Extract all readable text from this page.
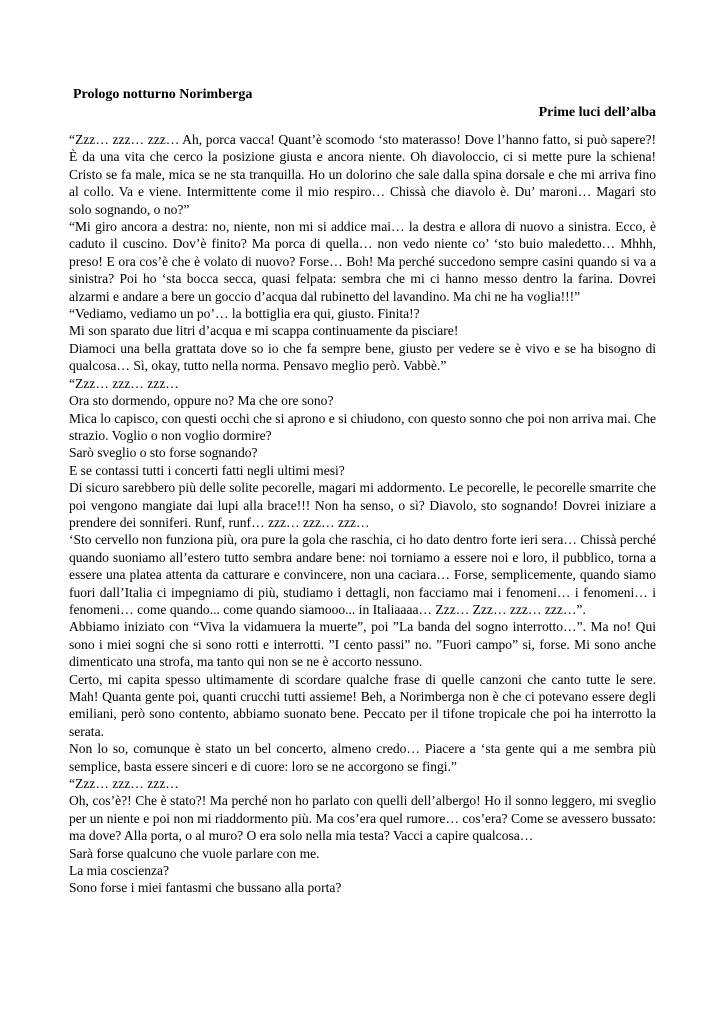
Prologo notturno Norimberga
Prime luci dell’alba

“Zzz… zzz… zzz… Ah, porca vacca! Quant’è scomodo ‘sto materasso! Dove l’hanno fatto, si può sapere?! È da una vita che cerco la posizione giusta e ancora niente. Oh diavoloccio, ci si mette pure la schiena! Cristo se fa male, mica se ne sta tranquilla. Ho un dolorino che sale dalla spina dorsale e che mi arriva fino al collo. Va e viene. Intermittente come il mio respiro… Chissà che diavolo è. Du’ maroni… Magari sto solo sognando, o no?”

“Mi giro ancora a destra: no, niente, non mi si addice mai… la destra e allora di nuovo a sinistra. Ecco, è caduto il cuscino. Dov’è finito? Ma porca di quella… non vedo niente co’ ‘sto buio maledetto… Mhhh, preso! E ora cos’è che è volato di nuovo? Forse… Boh! Ma perché succedono sempre casini quando si va a sinistra? Poi ho ‘sta bocca secca, quasi felpata: sembra che mi ci hanno messo dentro la farina. Dovrei alzarmi e andare a bere un goccio d’acqua dal rubinetto del lavandino. Ma chi ne ha voglia!!!”

“Vediamo, vediamo un po’… la bottiglia era qui, giusto. Finita!?

Mi son sparato due litri d’acqua e mi scappa continuamente da pisciare!

Diamoci una bella grattata dove so io che fa sempre bene, giusto per vedere se è vivo e se ha bisogno di qualcosa… Sì, okay, tutto nella norma. Pensavo meglio però. Vabbè.”

“Zzz… zzz… zzz…

Ora sto dormendo, oppure no? Ma che ore sono?

Mica lo capisco, con questi occhi che si aprono e si chiudono, con questo sonno che poi non arriva mai. Che strazio. Voglio o non voglio dormire?

Sarò sveglio o sto forse sognando?

E se contassi tutti i concerti fatti negli ultimi mesi?

Di sicuro sarebbero più delle solite pecorelle, magari mi addormento. Le pecorelle, le pecorelle smarrite che poi vengono mangiate dai lupi alla brace!!! Non ha senso, o sì? Diavolo, sto sognando! Dovrei iniziare a prendere dei sonniferi. Runf, runf… zzz… zzz… zzz…

‘Sto cervello non funziona più, ora pure la gola che raschia, ci ho dato dentro forte ieri sera… Chissà perché quando suoniamo all’estero tutto sembra andare bene: noi torniamo a essere noi e loro, il pubblico, torna a essere una platea attenta da catturare e convincere, non una caciara… Forse, semplicemente, quando siamo fuori dall’Italia ci impegniamo di più, studiamo i dettagli, non facciamo mai i fenomeni… i fenomeni… i fenomeni… come quando... come quando siamooo... in Italiaaaa… Zzz… Zzz… zzz… zzz…”.

Abbiamo iniziato con “Viva la vidamuera la muerte”, poi ”La banda del sogno interrotto…”. Ma no! Qui sono i miei sogni che si sono rotti e interrotti. ”I cento passi” no. ”Fuori campo” si, forse. Mi sono anche dimenticato una strofa, ma tanto qui non se ne è accorto nessuno.

Certo, mi capita spesso ultimamente di scordare qualche frase di quelle canzoni che canto tutte le sere. Mah! Quanta gente poi, quanti crucchi tutti assieme! Beh, a Norimberga non è che ci potevano essere degli emiliani, però sono contento, abbiamo suonato bene. Peccato per il tifone tropicale che poi ha interrotto la serata.

Non lo so, comunque è stato un bel concerto, almeno credo… Piacere a ‘sta gente qui a me sembra più semplice, basta essere sinceri e di cuore: loro se ne accorgono se fingi.”

“Zzz… zzz… zzz…

Oh, cos’è?! Che è stato?! Ma perché non ho parlato con quelli dell’albergo! Ho il sonno leggero, mi sveglio per un niente e poi non mi riaddormento più. Ma cos’era quel rumore… cos’era? Come se avessero bussato: ma dove? Alla porta, o al muro? O era solo nella mia testa? Vacci a capire qualcosa…

Sarà forse qualcuno che vuole parlare con me.

La mia coscienza?

Sono forse i miei fantasmi che bussano alla porta?
